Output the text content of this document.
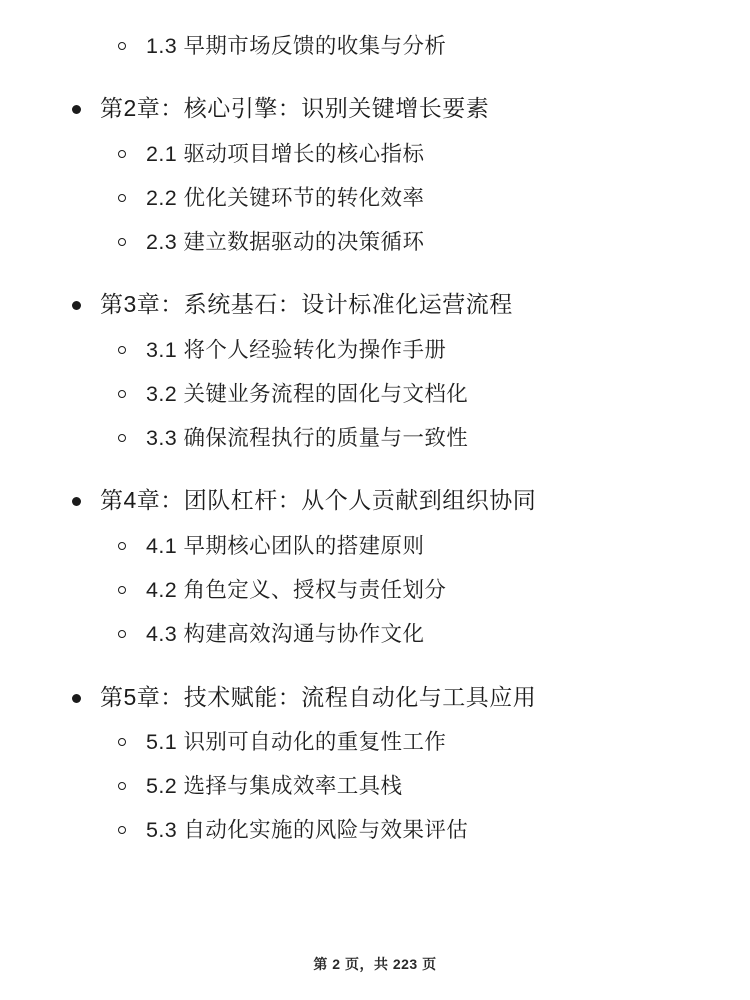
1.3 早期市场反馈的收集与分析
第2章：核心引擎：识别关键增长要素
2.1 驱动项目增长的核心指标
2.2 优化关键环节的转化效率
2.3 建立数据驱动的决策循环
第3章：系统基石：设计标准化运营流程
3.1 将个人经验转化为操作手册
3.2 关键业务流程的固化与文档化
3.3 确保流程执行的质量与一致性
第4章：团队杠杆：从个人贡献到组织协同
4.1 早期核心团队的搭建原则
4.2 角色定义、授权与责任划分
4.3 构建高效沟通与协作文化
第5章：技术赋能：流程自动化与工具应用
5.1 识别可自动化的重复性工作
5.2 选择与集成效率工具栈
5.3 自动化实施的风险与效果评估
第 2 页，共 223 页
